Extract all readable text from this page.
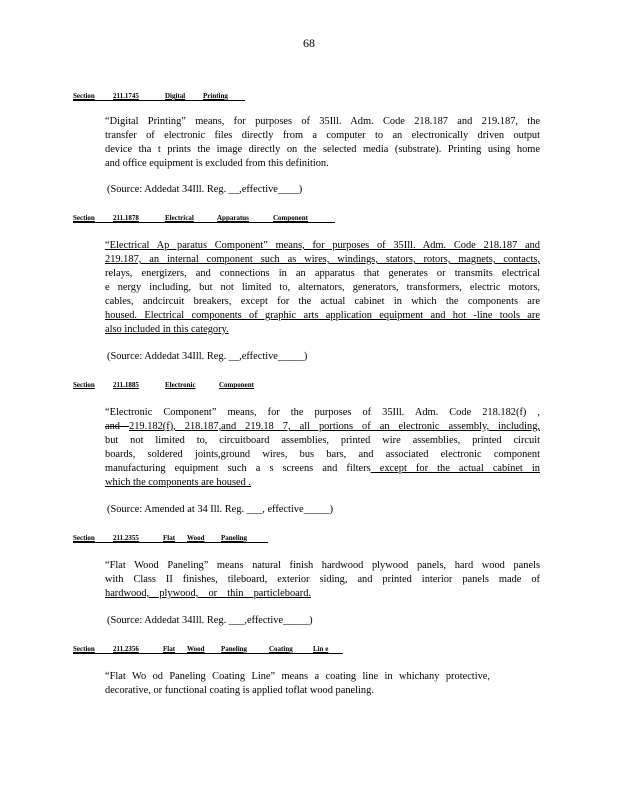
68
Section	211.1745	Digital	Printing
“Digital Printing” means, for purposes of 35Ill. Adm. Code 218.187 and 219.187, the
transfer of electronic files directly from a computer to an electronically driven output
device tha t prints the image directly on the selected media (substrate). Printing using home
and office equipment is excluded from this definition.
(Source: Addedat 34Ill. Reg. __,effective____)
Section	211.1878	Electrical	Apparatus	Component
“Electrical Ap paratus Component” means, for purposes of 35Ill. Adm. Code 218.187 and
219.187, an internal component such as wires, windings, stators, rotors, magnets, contacts,
relays, energizers, and connections in an apparatus that generates or transmits electrical
e nergy including, but not limited to, alternators, generators, transformers, electric motors,
cables, andcircuit breakers, except for the actual cabinet in which the components are
housed. Electrical components of graphic arts application equipment and hot -line tools are
also included in this category.
(Source: Addedat 34Ill. Reg. __,effective_____)
Section	211.1885	Electronic	Component
“Electronic Component” means, for the purposes of 35Ill. Adm. Code 218.182(f) ,
and 219.182(f), 218.187,and 219.18 7, all portions of an electronic assembly, including,
but not limited to, circuitboard assemblies, printed wire assemblies, printed circuit
boards, soldered joints,ground wires, bus bars, and associated electronic component
manufacturing equipment such a s screens and filters except for the actual cabinet in
which the components are housed .
(Source: Amended at 34 Ill. Reg. ___, effective_____)
Section	211.2355	Flat Wood Paneling
“Flat Wood Paneling” means natural finish hardwood plywood panels, hard wood panels
with Class II finishes, tileboard, exterior siding, and printed interior panels made of
hardwood, plywood, or thin particleboard.
(Source: Addedat 34Ill. Reg. ___,effective_____)
Section	211.2356	Flat Wood Paneling	Coating	Lin e
“Flat Wo od Paneling Coating Line” means a coating line in whichany protective,
decorative, or functional coating is applied toflat wood paneling.
